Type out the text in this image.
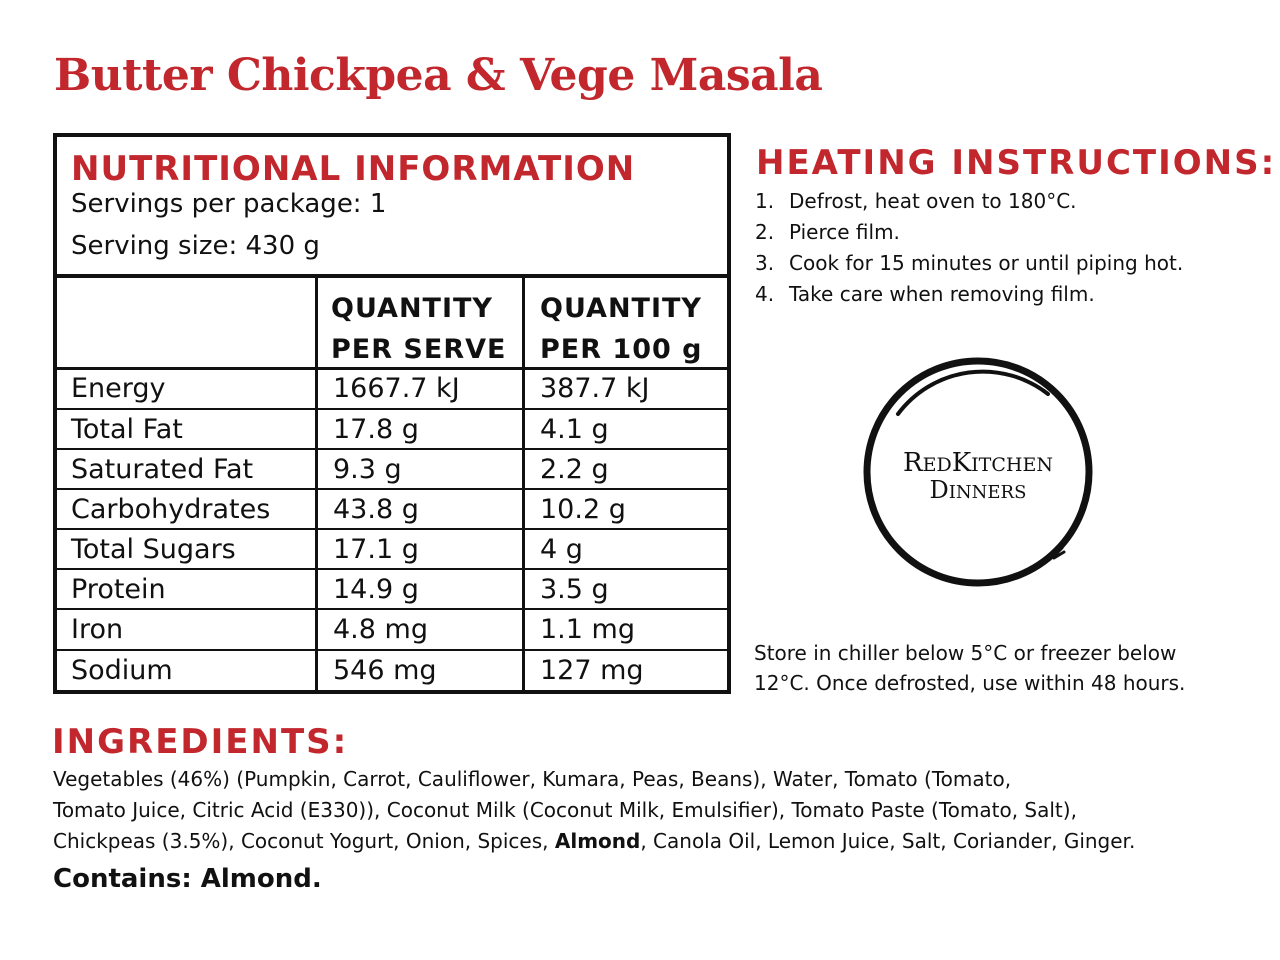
Butter Chickpea & Vege Masala
NUTRITIONAL INFORMATION
Servings per package: 1
Serving size: 430 g
QUANTITY
PER SERVE
QUANTITY
PER 100 g
Energy	1667.7 kJ	387.7 kJ
Total Fat	17.8 g	4.1 g
Saturated Fat	9.3 g	2.2 g
Carbohydrates 43.8 g	10.2 g
Total Sugars	17.1 g	4 g
Protein	14.9 g	3.5 g
Iron	4.8 mg	1.1 mg
Sodium	546 mg	127 mg
HEATING INSTRUCTIONS:
1. Defrost, heat oven to 180°C.
2. Pierce film.
3. Cook for 15 minutes or until piping hot.
4. Take care when removing film.
REDKITCHEN
DINNERS
Store in chiller below 5°C or freezer below
12°C. Once defrosted, use within 48 hours.
INGREDIENTS:
Vegetables (46%) (Pumpkin, Carrot, Cauliflower, Kumara, Peas, Beans), Water, Tomato (Tomato,
Tomato Juice, Citric Acid (E330)), Coconut Milk (Coconut Milk, Emulsifier), Tomato Paste (Tomato, Salt),
Chickpeas (3.5%), Coconut Yogurt, Onion, Spices, Almond, Canola Oil, Lemon Juice, Salt, Coriander, Ginger.
Contains: Almond.
